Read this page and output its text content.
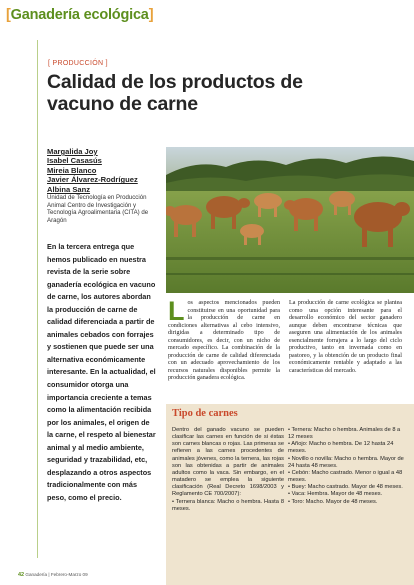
[Ganadería ecológica]
[ PRODUCCIÓN ]
Calidad de los productos de vacuno de carne
Margalida Joy
Isabel Casasús
Mireia Blanco
Javier Álvarez-Rodríguez
Albina Sanz
Unidad de Tecnología en Producción Animal Centro de Investigación y Tecnología Agroalimentaria (CITA) de Aragón

En la tercera entrega que hemos publicado en nuestra revista de la serie sobre ganadería ecológica en vacuno de carne, los autores abordan la producción de carne de calidad diferenciada a partir de animales cebados con forrajes y sostienen que puede ser una alternativa económicamente interesante. En la actualidad, el consumidor otorga una importancia creciente a temas como la alimentación recibida por los animales, el origen de la carne, el respeto al bienestar animal y al medio ambiente, seguridad y trazabilidad, etc, desplazando a otros aspectos tradicionalmente con más peso, como el precio.

Los aspectos mencionados pueden constituirse en una oportunidad para la producción de carne en condiciones alternativas al cebo intensivo, dirigidas a determinado tipo de consumidores, es decir, con un nicho de mercado específico. La combinación de la producción de carne de calidad diferenciada con un adecuado aprovechamiento de los recursos naturales disponibles permite la producción ganadera ecológica.
La producción de carne ecológica se plantea como una opción interesante para el desarrollo económico del sector ganadero aunque deben encontrarse técnicas que aseguren una alimentación de los animales esencialmente forrajera a lo largo del ciclo productivo, tanto en invernada como en pastoreo, y la obtención de un producto final económicamente rentable y adaptado a las características del mercado.
Tipo de carnes

Dentro del ganado vacuno se pueden clasificar las carnes en función de si éstas son carnes blancas o rojas. Las primeras se refieren a las carnes procedentes de animales jóvenes, como la ternera, las rojas son las obtenidas a partir de animales adultos como la vaca. Sin embargo, en el matadero se emplea la siguiente clasificación (Real Decreto 1698/2003 y Reglamento CE 700/2007):

• Ternera blanca: Macho o hembra. Hasta 8 meses.

• Ternera: Macho o hembra. Animales de 8 a 12 meses
• Añojo: Macho o hembra. De 12 hasta 24 meses.
• Novillo o novilla: Macho o hembra. Mayor de 24 hasta 48 meses.
• Cebón: Macho castrado. Menor o igual a 48 meses.
• Buey: Macho castrado. Mayor de 48 meses.
• Vaca: Hembra. Mayor de 48 meses.
• Toro: Macho. Mayor de 48 meses.
42 Ganadería | Febrero-Marzo 09
